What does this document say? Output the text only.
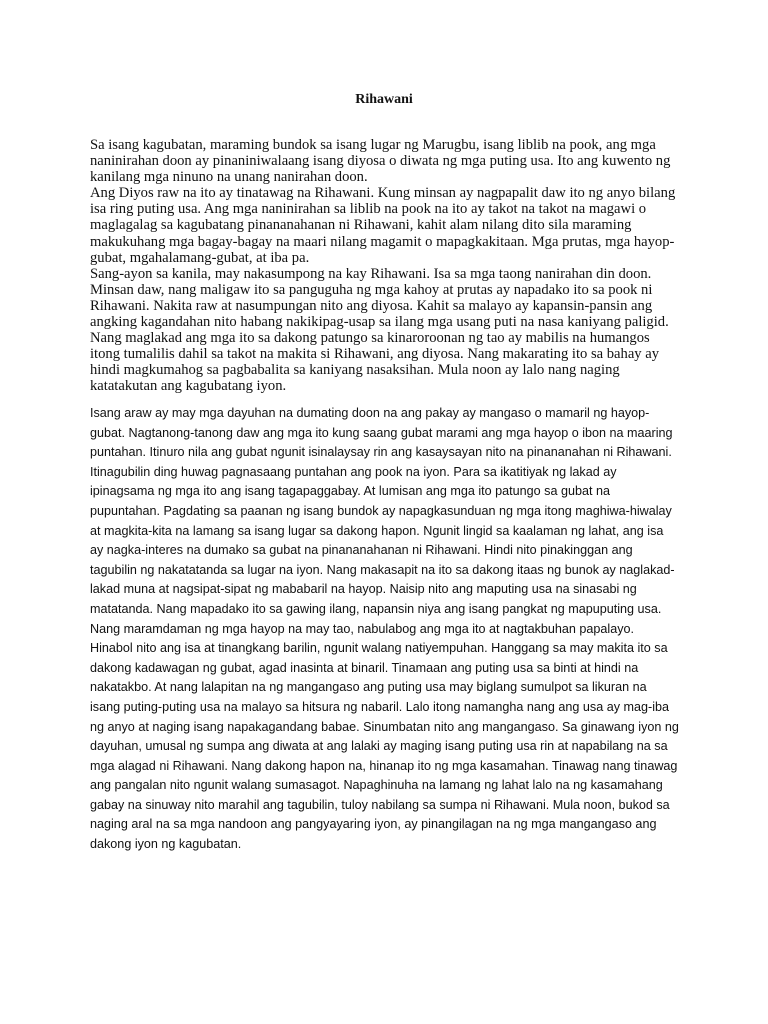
Rihawani

Sa isang kagubatan, maraming bundok sa isang lugar ng Marugbu, isang liblib na pook, ang mga naninirahan doon ay pinaniniwalaang isang diyosa o diwata ng mga puting usa. Ito ang kuwento ng kanilang mga ninuno na unang nanirahan doon.

Ang Diyos raw na ito ay tinatawag na Rihawani. Kung minsan ay nagpapalit daw ito ng anyo bilang isa ring puting usa. Ang mga naninirahan sa liblib na pook na ito ay takot na takot na magawi o maglagalag sa kagubatang pinananahanan ni Rihawani, kahit alam nilang dito sila maraming makukuhang mga bagay-bagay na maari nilang magamit o mapagkakitaan. Mga prutas, mga hayop-gubat, mgahalamang-gubat, at iba pa.

Sang-ayon sa kanila, may nakasumpong na kay Rihawani. Isa sa mga taong nanirahan din doon. Minsan daw, nang maligaw ito sa panguguha ng mga kahoy at prutas ay napadako ito sa pook ni Rihawani. Nakita raw at nasumpungan nito ang diyosa. Kahit sa malayo ay kapansin-pansin ang angking kagandahan nito habang nakikipag-usap sa ilang mga usang puti na nasa kaniyang paligid.

Nang maglakad ang mga ito sa dakong patungo sa kinaroroonan ng tao ay mabilis na humangos itong tumalilis dahil sa takot na makita si Rihawani, ang diyosa. Nang makarating ito sa bahay ay hindi magkumahog sa pagbabalita sa kaniyang nasaksihan. Mula noon ay lalo nang naging katatakutan ang kagubatang iyon.

Isang araw ay may mga dayuhan na dumating doon na ang pakay ay mangaso o mamaril ng hayop-gubat. Nagtanong-tanong daw ang mga ito kung saang gubat marami ang mga hayop o ibon na maaring puntahan. Itinuro nila ang gubat ngunit isinalaysay rin ang kasaysayan nito na pinananahan ni Rihawani. Itinagubilin ding huwag pagnasaang puntahan ang pook na iyon. Para sa ikatitiyak ng lakad ay ipinagsama ng mga ito ang isang tagapaggabay. At lumisan ang mga ito patungo sa gubat na pupuntahan. Pagdating sa paanan ng isang bundok ay napagkasunduan ng mga itong maghiwa-hiwalay at magkita-kita na lamang sa isang lugar sa dakong hapon. Ngunit lingid sa kaalaman ng lahat, ang isa ay nagka-interes na dumako sa gubat na pinananahanan ni Rihawani. Hindi nito pinakinggan ang tagubilin ng nakatatanda sa lugar na iyon. Nang makasapit na ito sa dakong itaas ng bunok ay naglakad-lakad muna at nagsipat-sipat ng mababaril na hayop. Naisip nito ang maputing usa na sinasabi ng matatanda. Nang mapadako ito sa gawing ilang, napansin niya ang isang pangkat ng mapuputing usa. Nang maramdaman ng mga hayop na may tao, nabulabog ang mga ito at nagtakbuhan papalayo. Hinabol nito ang isa at tinangkang barilin, ngunit walang natiyempuhan. Hanggang sa may makita ito sa dakong kadawagan ng gubat, agad inasinta at binaril. Tinamaan ang puting usa sa binti at hindi na nakatakbo. At nang lalapitan na ng mangangaso ang puting usa may biglang sumulpot sa likuran na isang puting-puting usa na malayo sa hitsura ng nabaril. Lalo itong namangha nang ang usa ay mag-iba ng anyo at naging isang napakagandang babae. Sinumbatan nito ang mangangaso. Sa ginawang iyon ng dayuhan, umusal ng sumpa ang diwata at ang lalaki ay maging isang puting usa rin at napabilang na sa mga alagad ni Rihawani. Nang dakong hapon na, hinanap ito ng mga kasamahan. Tinawag nang tinawag ang pangalan nito ngunit walang sumasagot. Napaghinuha na lamang ng lahat lalo na ng kasamahang gabay na sinuway nito marahil ang tagubilin, tuloy nabilang sa sumpa ni Rihawani. Mula noon, bukod sa naging aral na sa mga nandoon ang pangyayaring iyon, ay pinangilagan na ng mga mangangaso ang dakong iyon ng kagubatan.
